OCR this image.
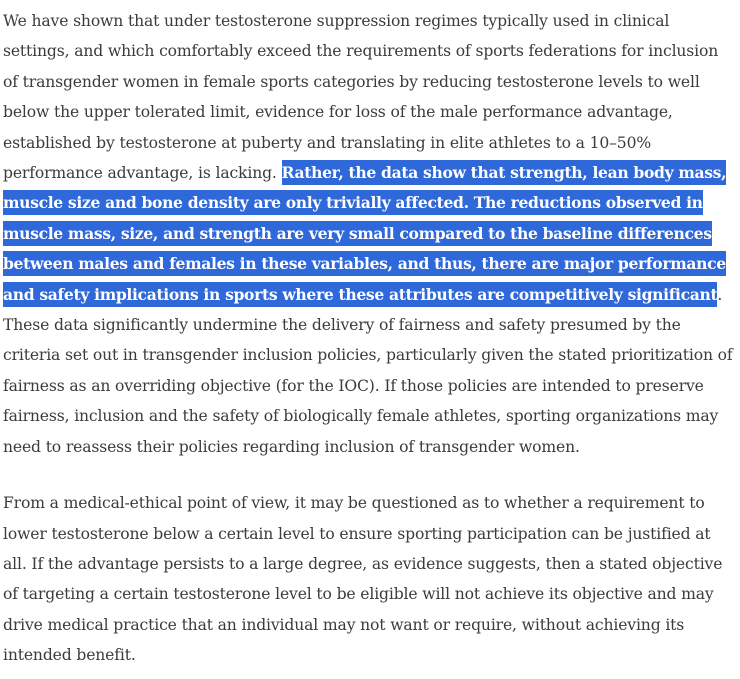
We have shown that under testosterone suppression regimes typically used in clinical settings, and which comfortably exceed the requirements of sports federations for inclusion of transgender women in female sports categories by reducing testosterone levels to well below the upper tolerated limit, evidence for loss of the male performance advantage, established by testosterone at puberty and translating in elite athletes to a 10–50% performance advantage, is lacking. Rather, the data show that strength, lean body mass, muscle size and bone density are only trivially affected. The reductions observed in muscle mass, size, and strength are very small compared to the baseline differences between males and females in these variables, and thus, there are major performance and safety implications in sports where these attributes are competitively significant. These data significantly undermine the delivery of fairness and safety presumed by the criteria set out in transgender inclusion policies, particularly given the stated prioritization of fairness as an overriding objective (for the IOC). If those policies are intended to preserve fairness, inclusion and the safety of biologically female athletes, sporting organizations may need to reassess their policies regarding inclusion of transgender women.

From a medical-ethical point of view, it may be questioned as to whether a requirement to lower testosterone below a certain level to ensure sporting participation can be justified at all. If the advantage persists to a large degree, as evidence suggests, then a stated objective of targeting a certain testosterone level to be eligible will not achieve its objective and may drive medical practice that an individual may not want or require, without achieving its intended benefit.
